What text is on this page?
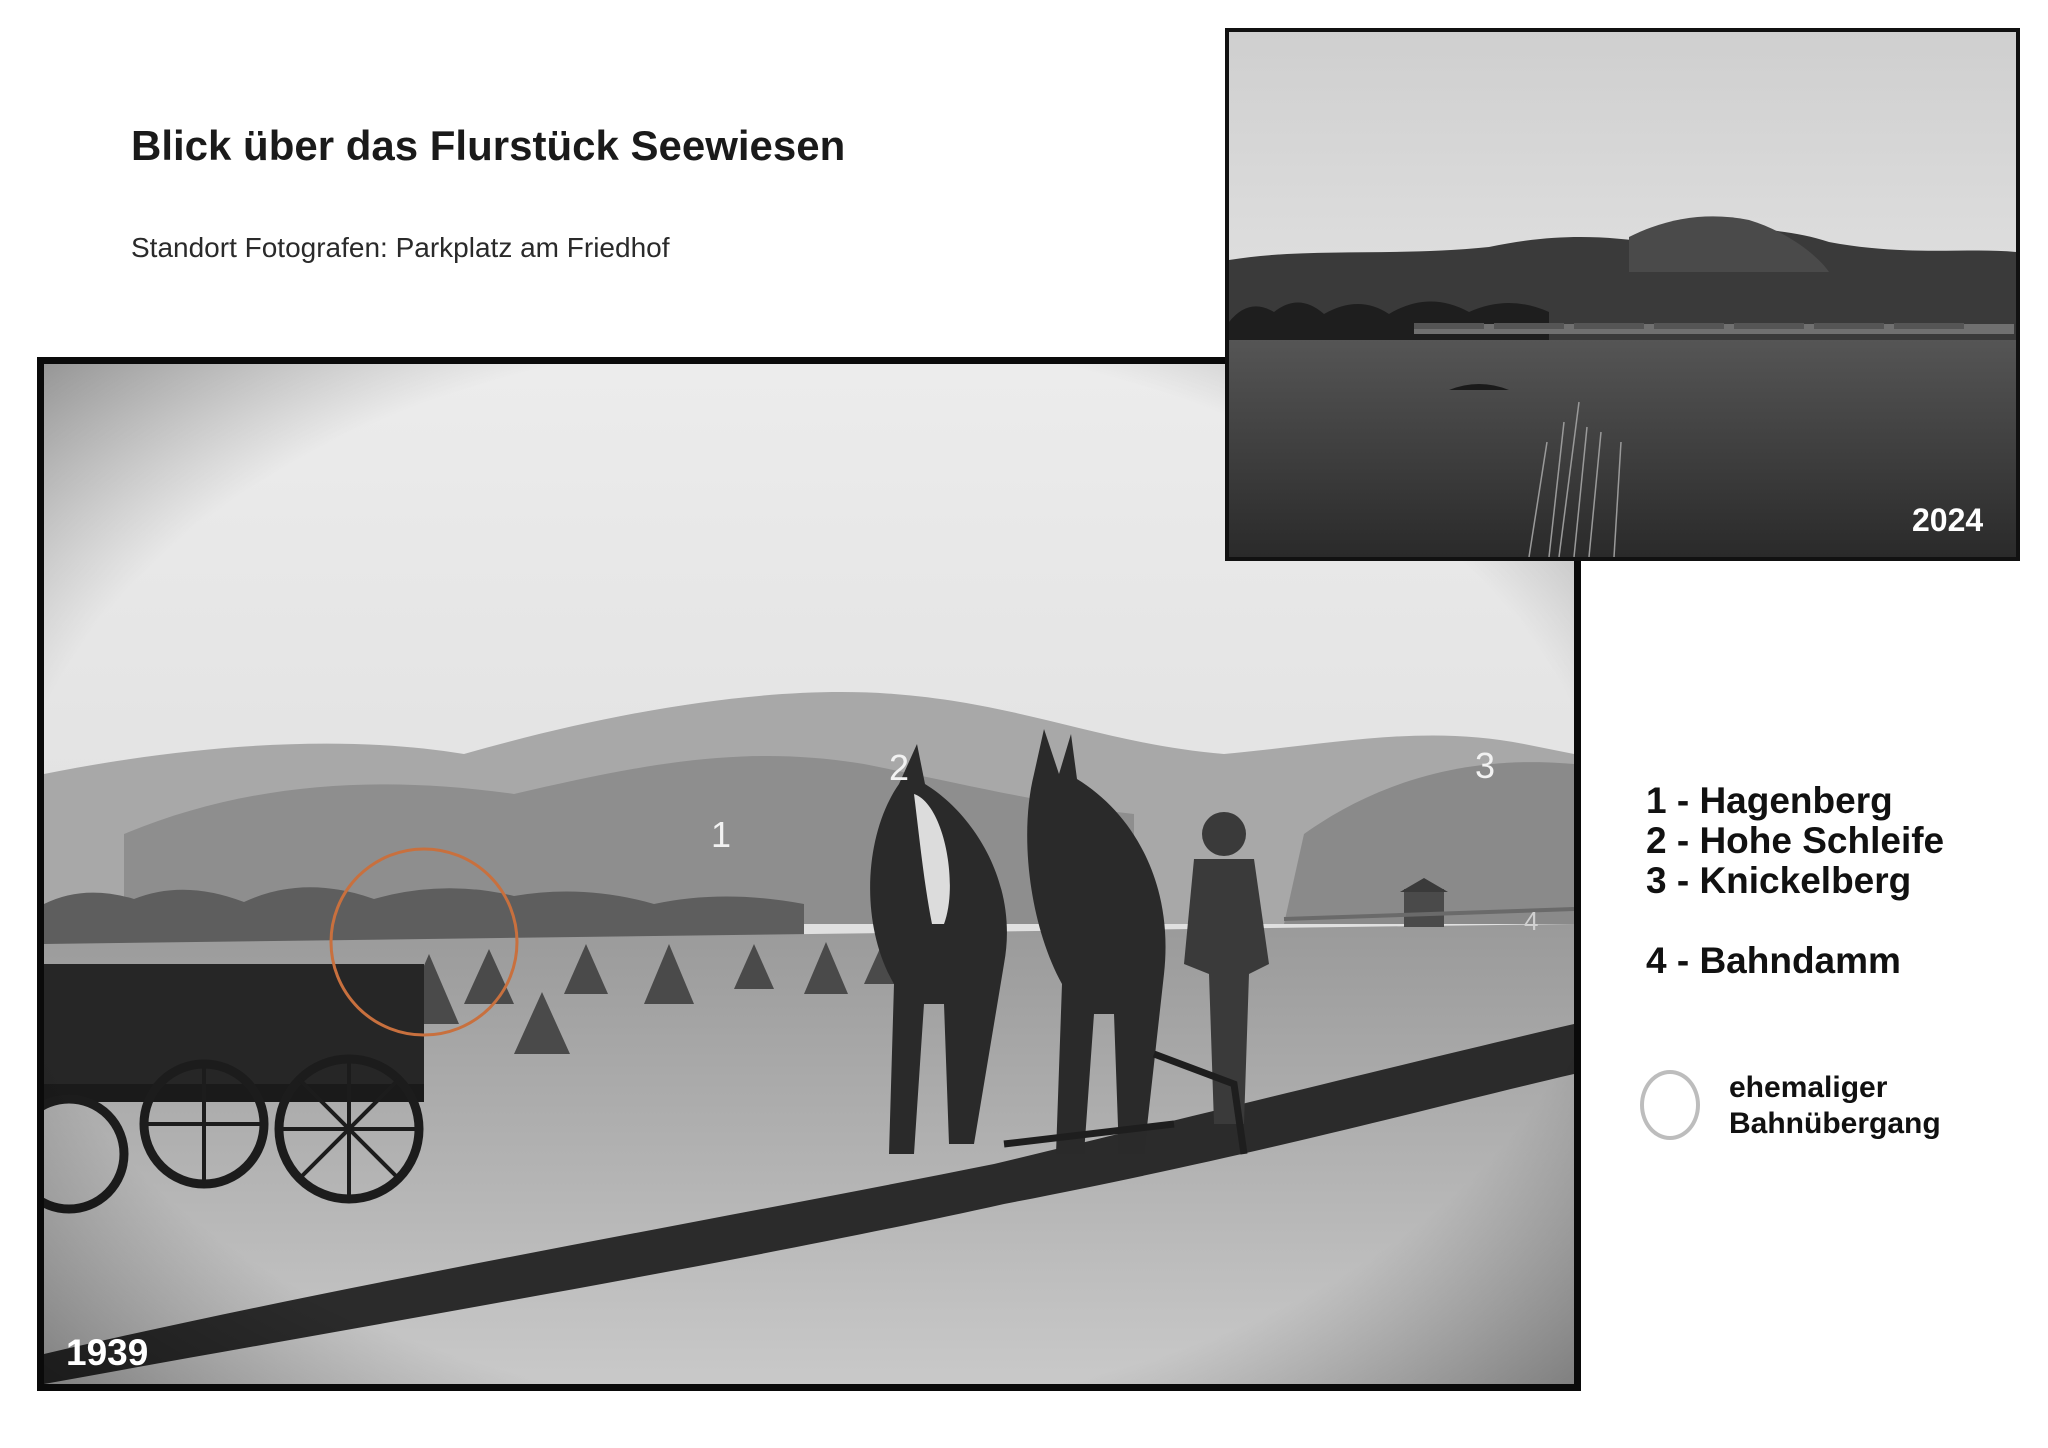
Blick über das Flurstück Seewiesen
Standort Fotografen: Parkplatz am Friedhof
1939
1
2	3
4
2024
1 - Hagenberg
2 - Hohe Schleife
3 - Knickelberg
4 - Bahndamm
ehemaliger
Bahnübergang
